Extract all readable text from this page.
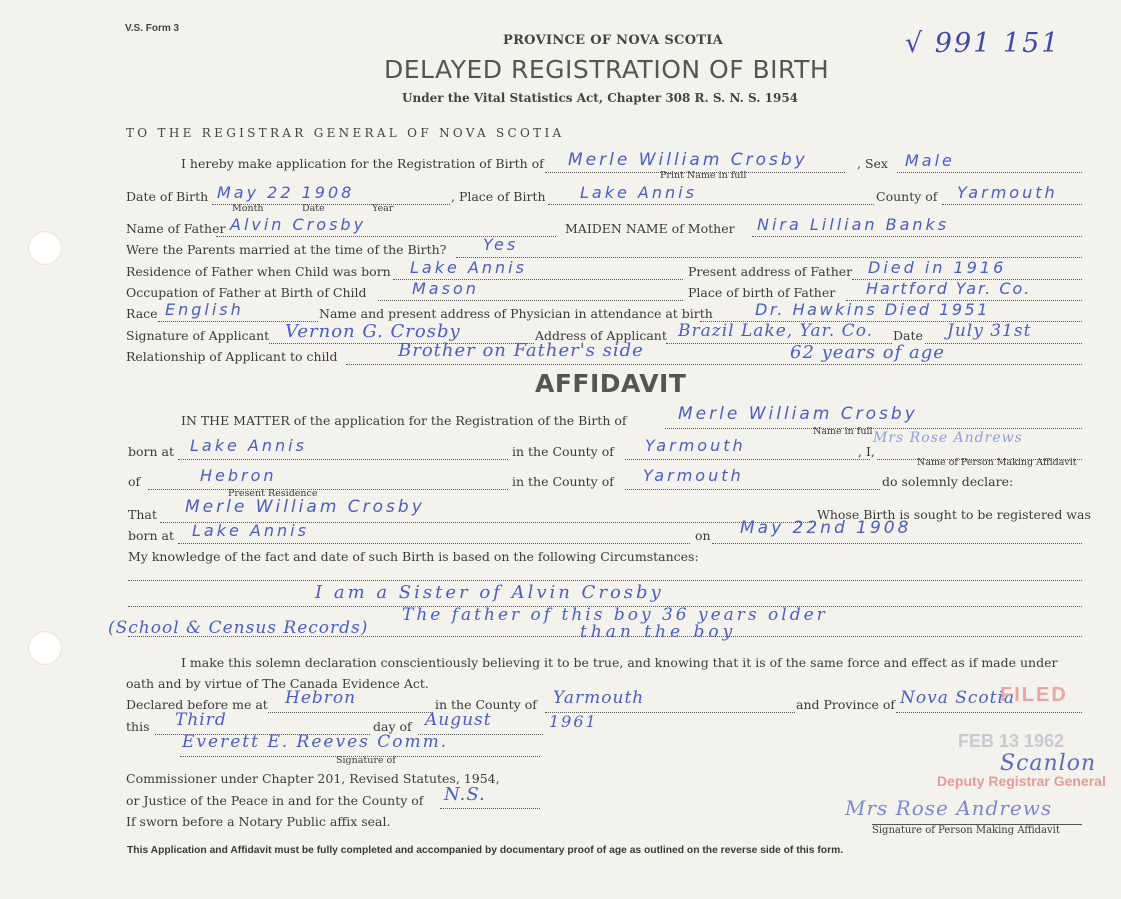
V.S. Form 3	√ 991 151
PROVINCE OF NOVA SCOTIA
DELAYED REGISTRATION OF BIRTH
Under the Vital Statistics Act, Chapter 308 R. S. N. S. 1954
TO THE REGISTRAR GENERAL OF NOVA SCOTIA
I hereby make application for the Registration of Birth of Merle William Crosby
Print Name in full
, Sex Male
Date of Birth May 22 1908
Month	Date	Year
, Place of Birth Lake Annis	County of Yarmouth
Name of Father Alvin Crosby	MAIDEN NAME of Mother Nira Lillian Banks
Were the Parents married at the time of the Birth? Yes
Residence of Father when Child was born Lake Annis	Present address of Father Died in 1916
Occupation of Father at Birth of Child	Mason	Place of birth of Father Hartford Yar. Co.
Race English	Name and present address of Physician in attendance at birth	Dr. Hawkins Died 1951
Signature of Applicant Vernon G. Crosby	Address of Applicant Brazil Lake, Yar. Co. Date July 31st
Relationship of Applicant to child	Brother on Father's side	62 years of age
AFFIDAVIT
IN THE MATTER of the application for the Registration of the Birth of	Merle William Crosby
Name in full
born at Lake Annis	in the County of Yarmouth	, I,
Mrs Rose Andrews
Name of Person Making Affidavit
of	Hebron
Present Residence
in the County of Yarmouth	do solemnly declare:
That Merle William Crosby	Whose Birth is sought to be registered was
born at Lake Annis	on May 22nd 1908
My knowledge of the fact and date of such Birth is based on the following Circumstances:
I am a Sister of Alvin Crosby
The father of this boy 36 years older
(School & Census Records)	than the boy
I make this solemn declaration conscientiously believing it to be true, and knowing that it is of the same force and effect as if made under
oath and by virtue of The Canada Evidence Act.
Declared before me at Hebron	in the County of Yarmouth	and Province of Nova Scotia
this Third	day of August	1961
Everett E. Reeves Comm.
Signature of
Commissioner under Chapter 201, Revised Statutes, 1954,
or Justice of the Peace in and for the County of N.S.
If sworn before a Notary Public affix seal.
FILED
FEB 13 1962
Scanlon
Deputy Registrar General
Mrs Rose Andrews
Signature of Person Making Affidavit
This Application and Affidavit must be fully completed and accompanied by documentary proof of age as outlined on the reverse side of this form.
